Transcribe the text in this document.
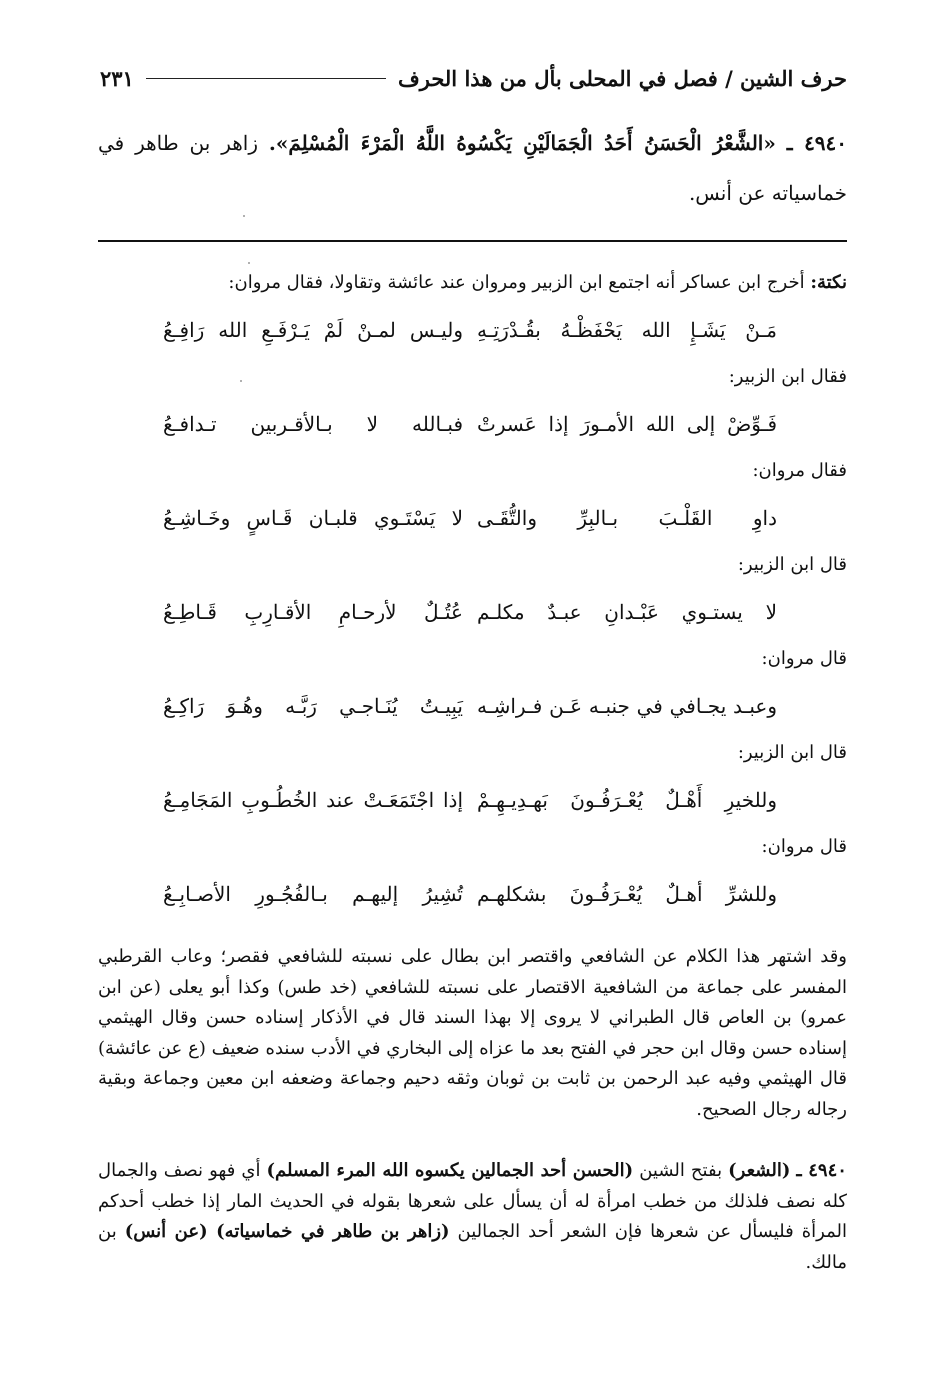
حرف الشين / فصل في المحلى بأل من هذا الحرف
٢٣١
٤٩٤٠ ـ «الشَّعْرُ الْحَسَنُ أَحَدُ الْجَمَالَيْنِ يَكْسُوهُ اللَّهُ الْمَرْءَ الْمُسْلِمَ». زاهر بن طاهر في خماسياته عن أنس.
نكتة: أخرج ابن عساكر أنه اجتمع ابن الزبير ومروان عند عائشة وتقاولا، فقال مروان:
مَـنْ يَشَـإِ الله يَحْفَظْـهُ بقُـدْرَتِـهِ
وليـس لمـنْ لَمْ يَـرْفَـعِ الله رَافِـعُ
فقال ابن الزبير:
فَـوِّضْ إلى الله الأمـورَ إذا عَسرتْ
فبـالله لا بـالأقـربين تـدافـعُ
فقال مروان:
داوِ القَلْـبَ بـالبِرِّ والتُّقَـى
لا يَسْتَـوي قلبـان قَـاسٍ وخَـاشِـعُ
قال ابن الزبير:
لا يستـوي عَبْـدانِ عبـدٌ مكلـم
عُتُـلٌ لأرحـامِ الأقـارِبِ قَـاطِـعُ
قال مروان:
وعبـد يجـافي في جنبـه عَـن فـراشِـه
يَبِيـتُ يُنَـاجـي رَبَّـه وهُـوَ رَاكِـعُ
قال ابن الزبير:
وللخيرِ أَهْـلٌ يُعْـرَفُـونَ بَهـدِيـهِـمْ
إذا اجْتَمَعَـتْ عند الخُطُـوبِ المَجَامِـعُ
قال مروان:
وللشرِّ أهـلٌ يُعْـرَفُـونَ بشكلهـم
تُشِيرُ إليهـم بـالفُجُـورِ الأصـابِـعُ

وقد اشتهر هذا الكلام عن الشافعي واقتصر ابن بطال على نسبته للشافعي فقصر؛ وعاب القرطبي المفسر على جماعة من الشافعية الاقتصار على نسبته للشافعي (خد طس) وكذا أبو يعلى (عن ابن عمرو) بن العاص قال الطبراني لا يروى إلا بهذا السند قال في الأذكار إسناده حسن وقال الهيثمي إسناده حسن وقال ابن حجر في الفتح بعد ما عزاه إلى البخاري في الأدب سنده ضعيف (ع عن عائشة) قال الهيثمي وفيه عبد الرحمن بن ثابت بن ثوبان وثقه دحيم وجماعة وضعفه ابن معين وجماعة وبقية رجاله رجال الصحيح.

٤٩٤٠ ـ (الشعر) بفتح الشين (الحسن أحد الجمالين يكسوه الله المرء المسلم) أي فهو نصف والجمال كله نصف فلذلك من خطب امرأة له أن يسأل على شعرها بقوله في الحديث المار إذا خطب أحدكم المرأة فليسأل عن شعرها فإن الشعر أحد الجمالين (زاهر بن طاهر في خماسياته) (عن أنس) بن مالك.
